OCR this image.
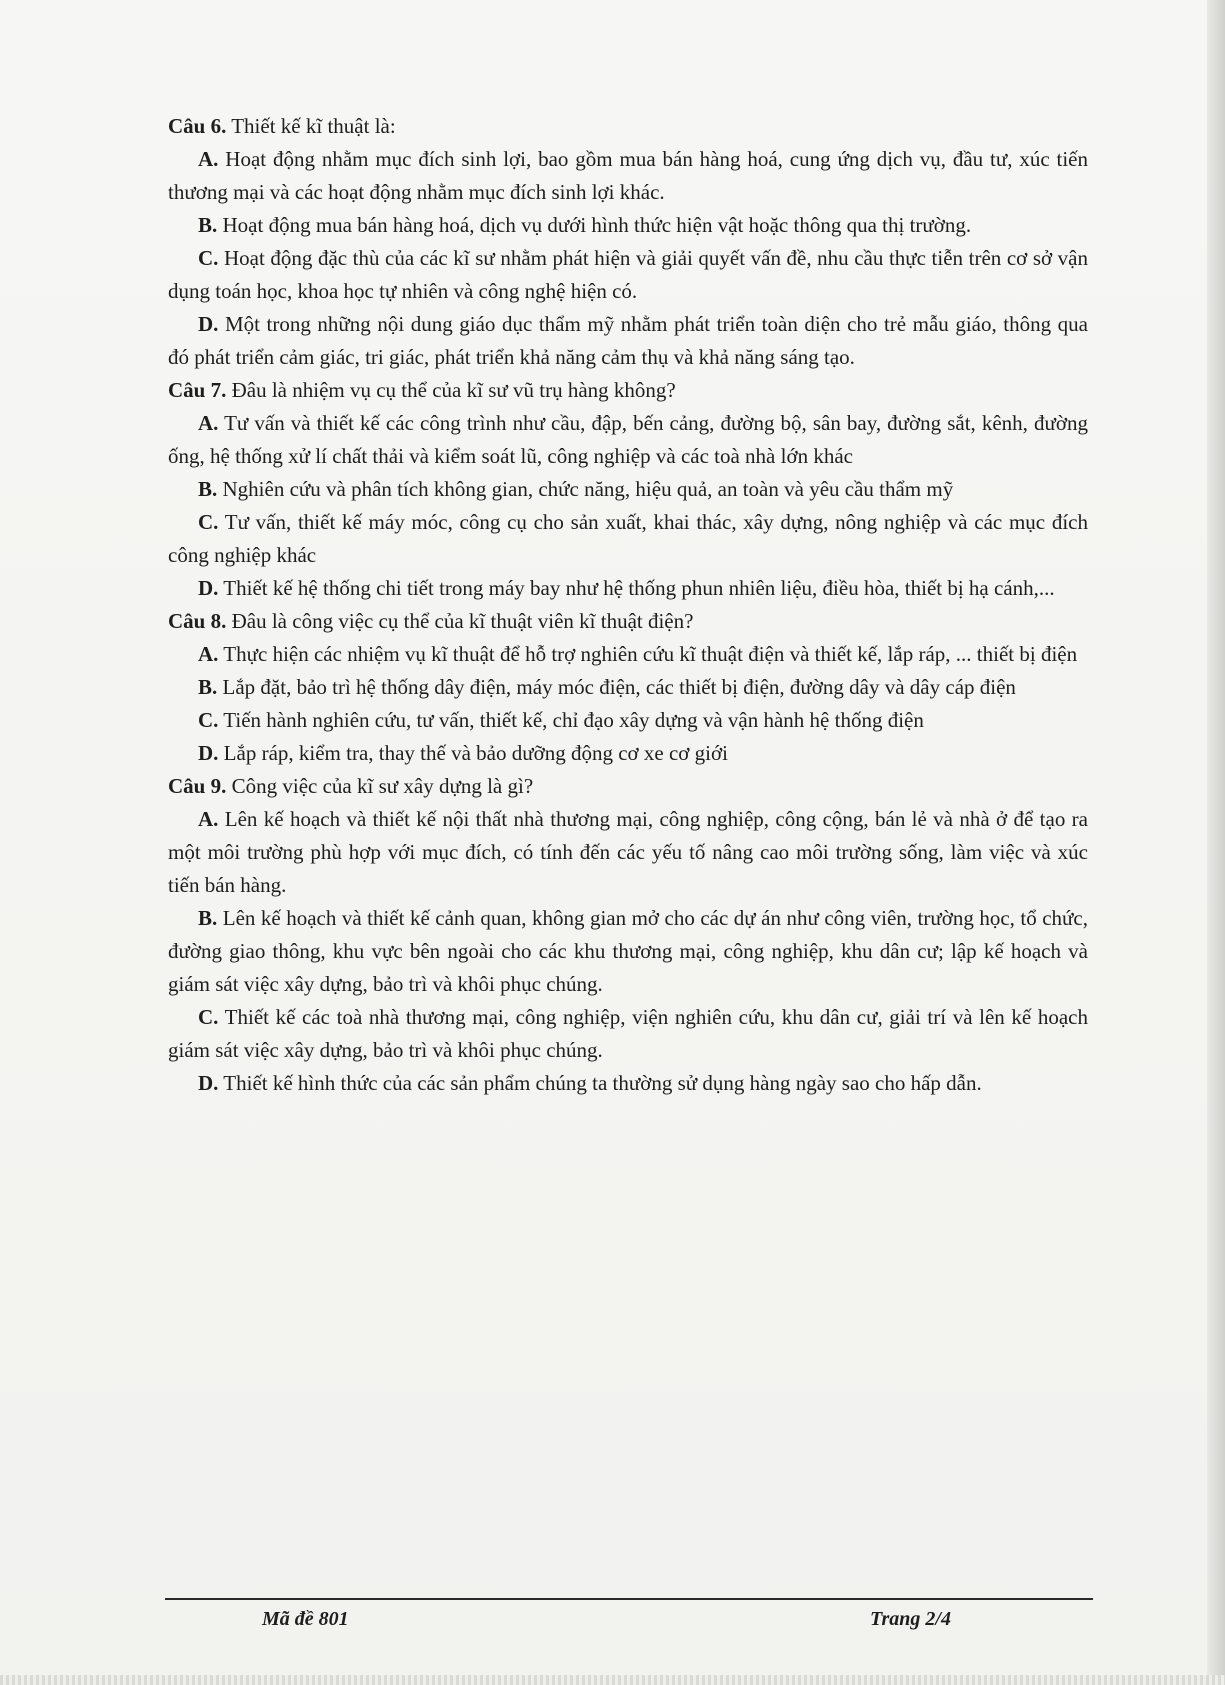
Câu 6. Thiết kế kĩ thuật là:

A. Hoạt động nhằm mục đích sinh lợi, bao gồm mua bán hàng hoá, cung ứng dịch vụ, đầu tư, xúc tiến thương mại và các hoạt động nhằm mục đích sinh lợi khác.

B. Hoạt động mua bán hàng hoá, dịch vụ dưới hình thức hiện vật hoặc thông qua thị trường.

C. Hoạt động đặc thù của các kĩ sư nhằm phát hiện và giải quyết vấn đề, nhu cầu thực tiễn trên cơ sở vận dụng toán học, khoa học tự nhiên và công nghệ hiện có.

D. Một trong những nội dung giáo dục thẩm mỹ nhằm phát triển toàn diện cho trẻ mẫu giáo, thông qua đó phát triển cảm giác, tri giác, phát triển khả năng cảm thụ và khả năng sáng tạo.

Câu 7. Đâu là nhiệm vụ cụ thể của kĩ sư vũ trụ hàng không?

A. Tư vấn và thiết kế các công trình như cầu, đập, bến cảng, đường bộ, sân bay, đường sắt, kênh, đường ống, hệ thống xử lí chất thải và kiểm soát lũ, công nghiệp và các toà nhà lớn khác

B. Nghiên cứu và phân tích không gian, chức năng, hiệu quả, an toàn và yêu cầu thẩm mỹ

C. Tư vấn, thiết kế máy móc, công cụ cho sản xuất, khai thác, xây dựng, nông nghiệp và các mục đích công nghiệp khác

D. Thiết kế hệ thống chi tiết trong máy bay như hệ thống phun nhiên liệu, điều hòa, thiết bị hạ cánh,...

Câu 8. Đâu là công việc cụ thể của kĩ thuật viên kĩ thuật điện?

A. Thực hiện các nhiệm vụ kĩ thuật để hỗ trợ nghiên cứu kĩ thuật điện và thiết kế, lắp ráp, ... thiết bị điện

B. Lắp đặt, bảo trì hệ thống dây điện, máy móc điện, các thiết bị điện, đường dây và dây cáp điện

C. Tiến hành nghiên cứu, tư vấn, thiết kế, chỉ đạo xây dựng và vận hành hệ thống điện

D. Lắp ráp, kiểm tra, thay thế và bảo dưỡng động cơ xe cơ giới

Câu 9. Công việc của kĩ sư xây dựng là gì?

A. Lên kế hoạch và thiết kế nội thất nhà thương mại, công nghiệp, công cộng, bán lẻ và nhà ở để tạo ra một môi trường phù hợp với mục đích, có tính đến các yếu tố nâng cao môi trường sống, làm việc và xúc tiến bán hàng.

B. Lên kế hoạch và thiết kế cảnh quan, không gian mở cho các dự án như công viên, trường học, tổ chức, đường giao thông, khu vực bên ngoài cho các khu thương mại, công nghiệp, khu dân cư; lập kế hoạch và giám sát việc xây dựng, bảo trì và khôi phục chúng.

C. Thiết kế các toà nhà thương mại, công nghiệp, viện nghiên cứu, khu dân cư, giải trí và lên kế hoạch giám sát việc xây dựng, bảo trì và khôi phục chúng.

D. Thiết kế hình thức của các sản phẩm chúng ta thường sử dụng hàng ngày sao cho hấp dẫn.

Mã đề 801	Trang 2/4
